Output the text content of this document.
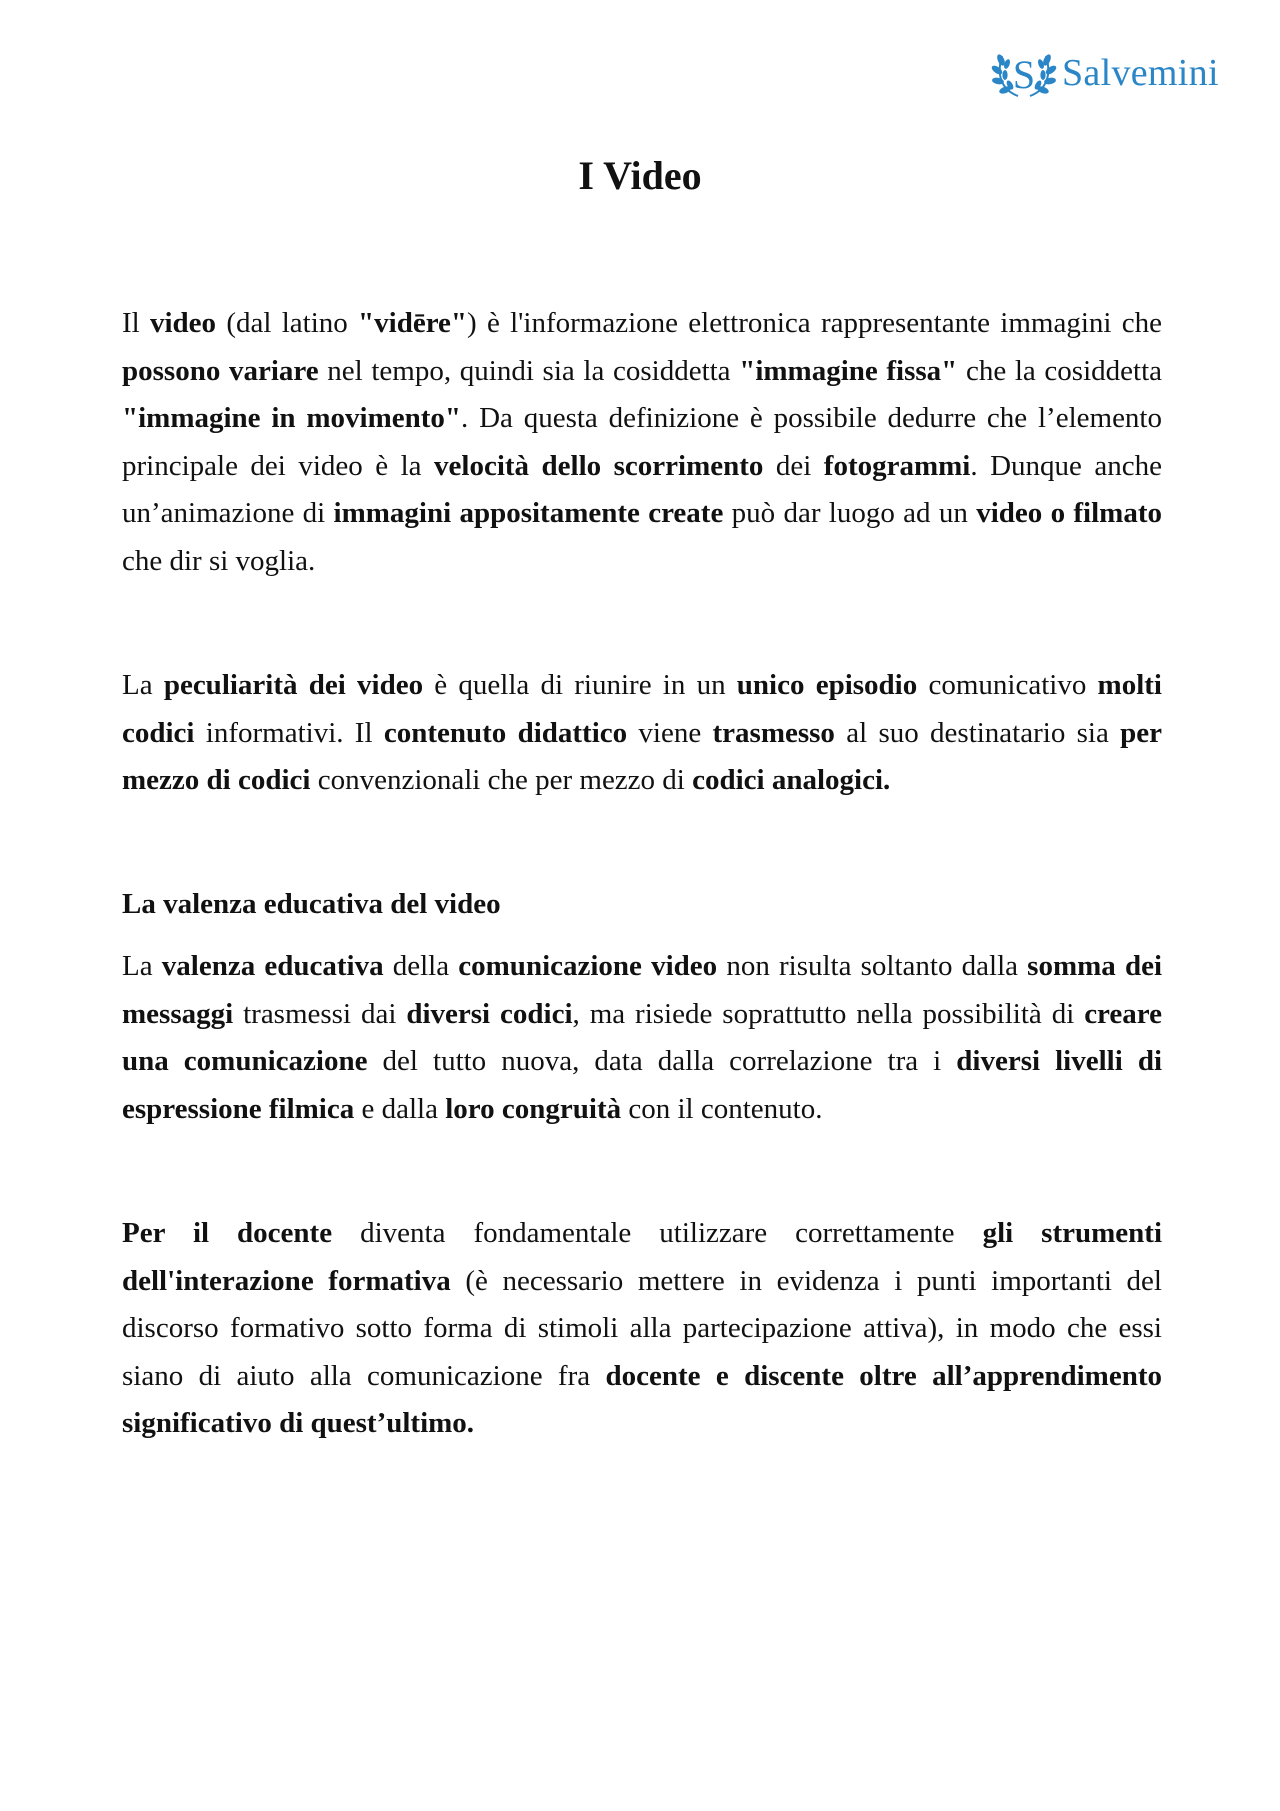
S Salvemini
I Video

Il video (dal latino "vidēre") è l'informazione elettronica rappresentante immagini che possono variare nel tempo, quindi sia la cosiddetta "immagine fissa" che la cosiddetta "immagine in movimento". Da questa definizione è possibile dedurre che l’elemento principale dei video è la velocità dello scorrimento dei fotogrammi. Dunque anche un’animazione di immagini appositamente create può dar luogo ad un video o filmato che dir si voglia.

La peculiarità dei video è quella di riunire in un unico episodio comunicativo molti codici informativi. Il contenuto didattico viene trasmesso al suo destinatario sia per mezzo di codici convenzionali che per mezzo di codici analogici.

La valenza educativa del video

La valenza educativa della comunicazione video non risulta soltanto dalla somma dei messaggi trasmessi dai diversi codici, ma risiede soprattutto nella possibilità di creare una comunicazione del tutto nuova, data dalla correlazione tra i diversi livelli di espressione filmica e dalla loro congruità con il contenuto.

Per il docente diventa fondamentale utilizzare correttamente gli strumenti dell'interazione formativa (è necessario mettere in evidenza i punti importanti del discorso formativo sotto forma di stimoli alla partecipazione attiva), in modo che essi siano di aiuto alla comunicazione fra docente e discente oltre all’apprendimento significativo di quest’ultimo.
